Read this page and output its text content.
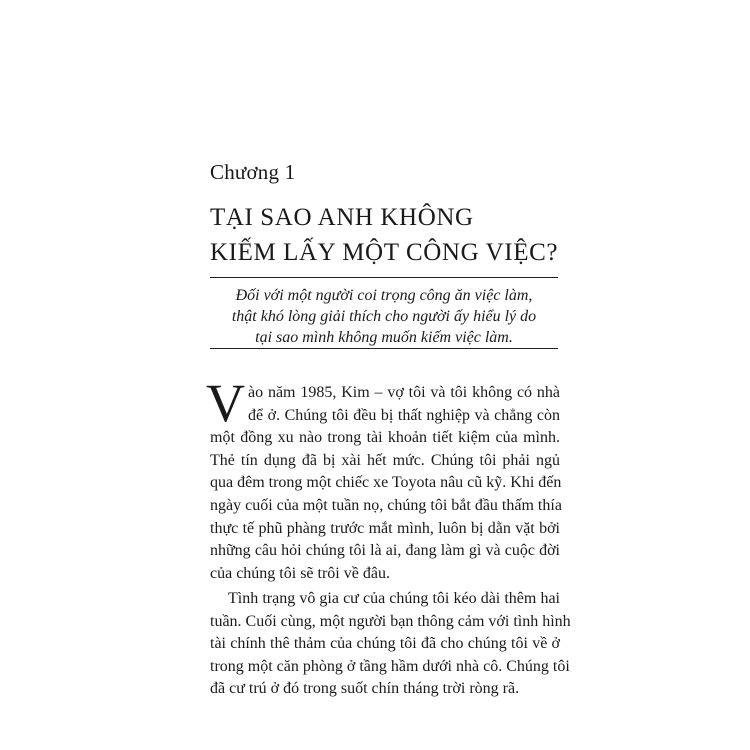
Chương 1
TẠI SAO ANH KHÔNG
KIẾM LẤY MỘT CÔNG VIỆC?
Đối với một người coi trọng công ăn việc làm,
thật khó lòng giải thích cho người ấy hiểu lý do
tại sao mình không muốn kiếm việc làm.
V ào năm 1985, Kim – vợ tôi và tôi không có nhà
để ở. Chúng tôi đều bị thất nghiệp và chẳng còn
một đồng xu nào trong tài khoản tiết kiệm của mình.
Thẻ tín dụng đã bị xài hết mức. Chúng tôi phải ngủ
qua đêm trong một chiếc xe Toyota nâu cũ kỹ. Khi đến
ngày cuối của một tuần nọ, chúng tôi bắt đầu thấm thía
thực tế phũ phàng trước mắt mình, luôn bị dằn vặt bởi
những câu hỏi chúng tôi là ai, đang làm gì và cuộc đời
của chúng tôi sẽ trôi về đâu.
Tình trạng vô gia cư của chúng tôi kéo dài thêm hai
tuần. Cuối cùng, một người bạn thông cảm với tình hình
tài chính thê thảm của chúng tôi đã cho chúng tôi về ở
trong một căn phòng ở tầng hầm dưới nhà cô. Chúng tôi
đã cư trú ở đó trong suốt chín tháng trời ròng rã.
